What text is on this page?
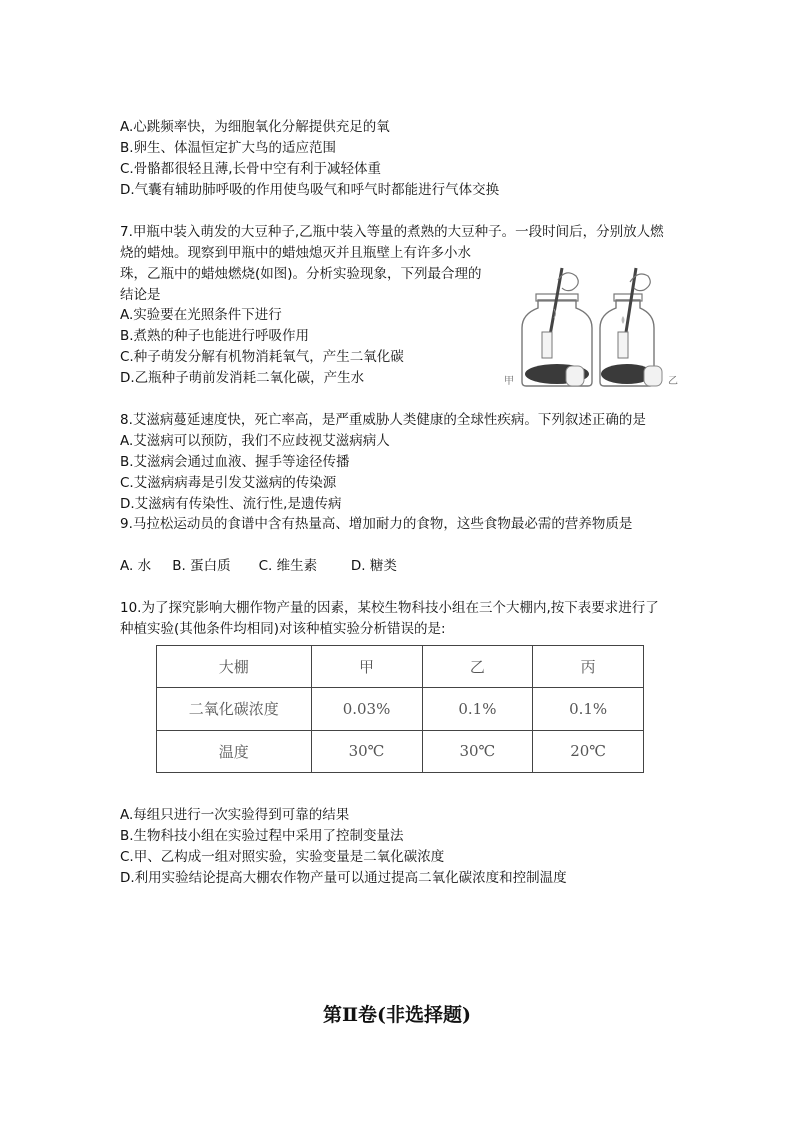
A.心跳频率快，为细胞氧化分解提供充足的氧
B.卵生、体温恒定扩大鸟的适应范围
C.骨骼都很轻且薄,长骨中空有利于减轻体重
D.气囊有辅助肺呼吸的作用使鸟吸气和呼气时都能进行气体交换
7.甲瓶中装入萌发的大豆种子,乙瓶中装入等量的煮熟的大豆种子。一段时间后，分别放人燃
烧的蜡烛。现察到甲瓶中的蜡烛熄灭并且瓶壁上有许多小水
珠，乙瓶中的蜡烛燃烧(如图)。分析实验现象，下列最合理的
结论是
A.实验要在光照条件下进行
B.煮熟的种子也能进行呼吸作用
C.种子萌发分解有机物消耗氧气，产生二氧化碳
D.乙瓶种子萌前发消耗二氧化碳，产生水	甲	乙
8.艾滋病蔓延速度快，死亡率高，是严重威胁人类健康的全球性疾病。下列叙述正确的是
A.艾滋病可以预防，我们不应歧视艾滋病病人
B.艾滋病会通过血液、握手等途径传播
C.艾滋病病毒是引发艾滋病的传染源
D.艾滋病有传染性、流行性,是遗传病
9.马拉松运动员的食谱中含有热量高、增加耐力的食物，这些食物最必需的营养物质是
A. 水 B. 蛋白质 C. 维生素	D. 糖类
10.为了探究影响大棚作物产量的因素，某校生物科技小组在三个大棚内,按下表要求进行了
种植实验(其他条件均相同)对该种植实验分析错误的是:
大棚	甲	乙	丙
二氧化碳浓度	0.03%	0.1%	0.1%
温度	30℃	30℃	20℃
A.每组只进行一次实验得到可靠的结果
B.生物科技小组在实验过程中采用了控制变量法
C.甲、乙构成一组对照实验，实验变量是二氧化碳浓度
D.利用实验结论提高大棚农作物产量可以通过提高二氧化碳浓度和控制温度
第Ⅱ卷(非选择题)
